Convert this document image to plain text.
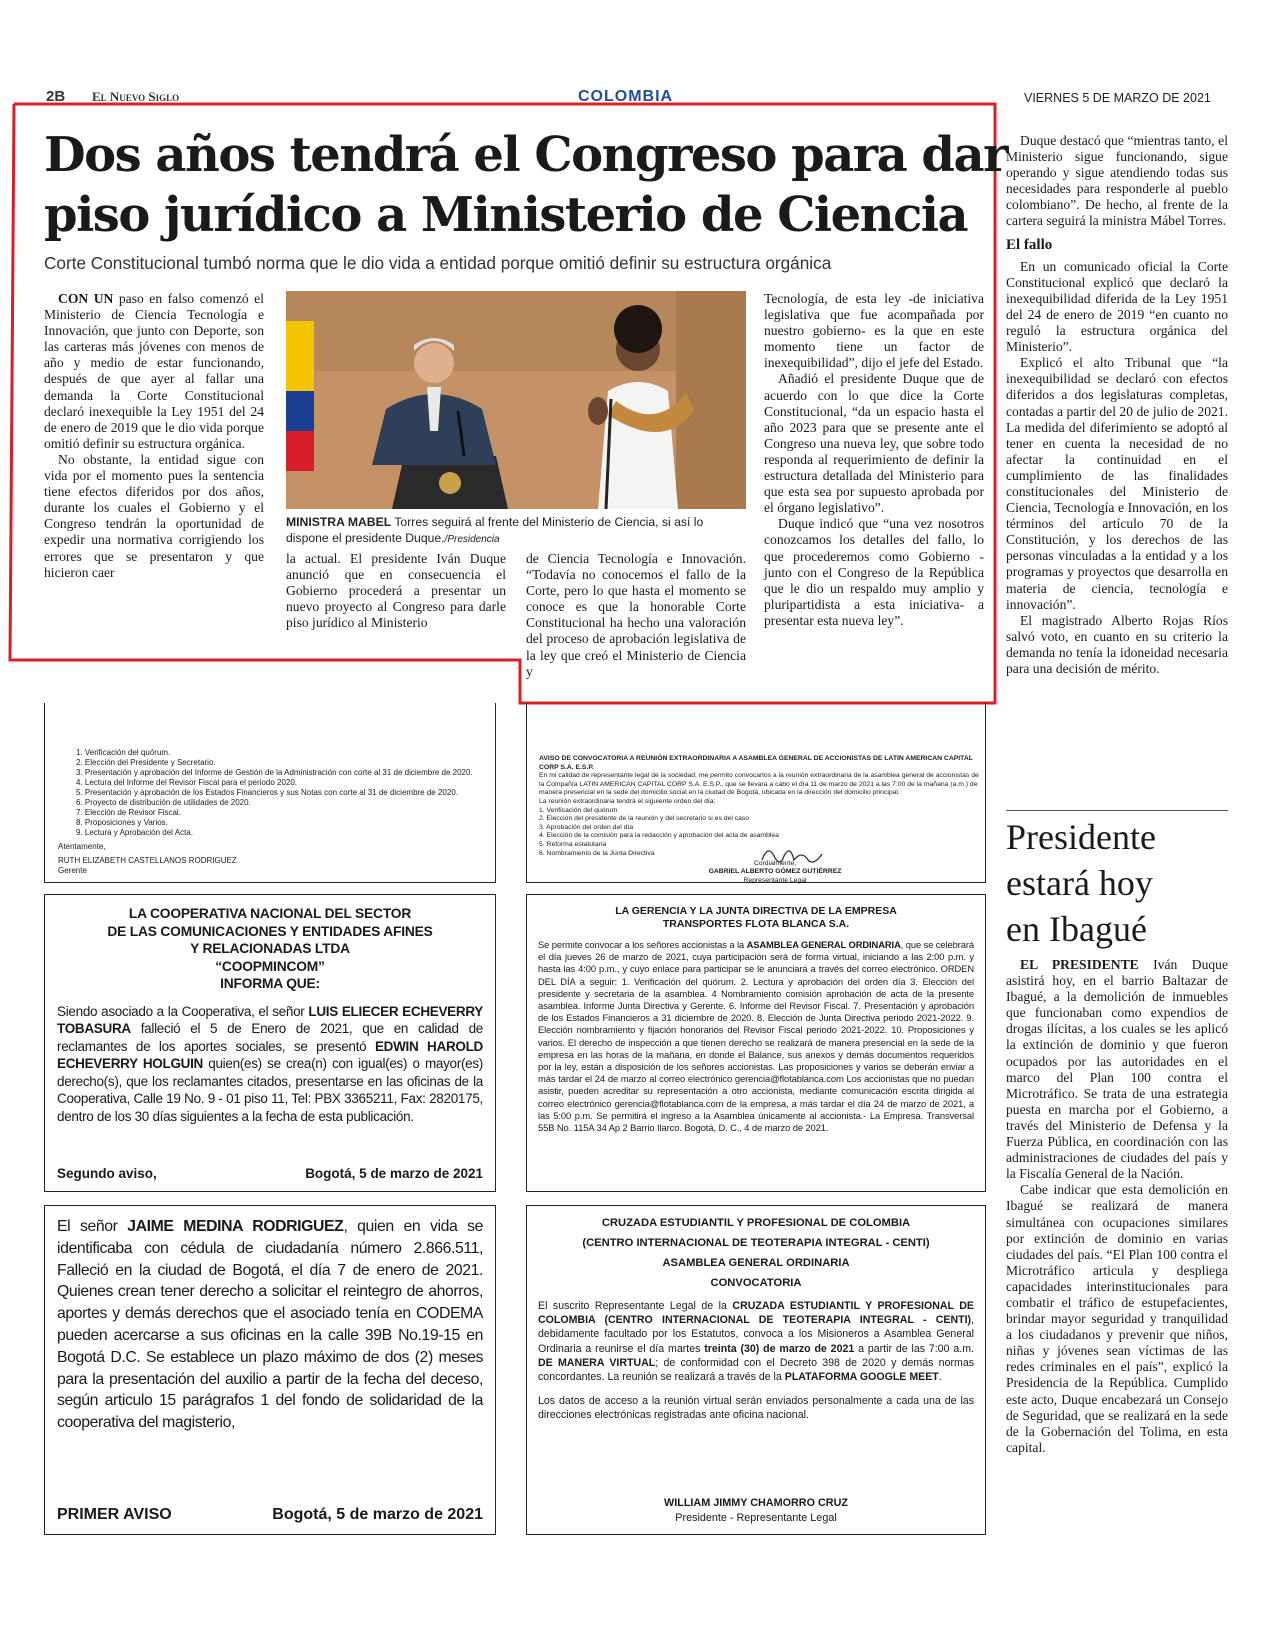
2B El Nuevo Siglo	COLOMBIA	VIERNES 5 DE MARZO DE 2021
Dos años tendrá el Congreso para dar
piso jurídico a Ministerio de Ciencia
Corte Constitucional tumbó norma que le dio vida a entidad porque omitió definir su estructura orgánica

CON UN paso en falso comenzó el Ministerio de Ciencia Tecnología e Innovación, que junto con Deporte, son las carteras más jóvenes con menos de año y medio de estar funcionando, después de que ayer al fallar una demanda la Corte Constitucional declaró inexequible la Ley 1951 del 24 de enero de 2019 que le dio vida porque omitió definir su estructura orgánica.

No obstante, la entidad sigue con vida por el momento pues la sentencia tiene efectos diferidos por dos años, durante los cuales el Gobierno y el Congreso tendrán la oportunidad de expedir una normativa corrigiendo los errores que se presentaron y que hicieron caer

MINISTRA MABEL Torres seguirá al frente del Ministerio de Ciencia, si así lo dispone el presidente Duque./Presidencia
la actual. El presidente Iván Duque anunció que en consecuencia el Gobierno procederá a presentar un nuevo proyecto al Congreso para darle piso jurídico al Ministerio
de Ciencia Tecnología e Innovación. “Todavía no conocemos el fallo de la Corte, pero lo que hasta el momento se conoce es que la honorable Corte Constitucional ha hecho una valoración del proceso de aprobación legislativa de la ley que creó el Ministerio de Ciencia y

Tecnología, de esta ley -de iniciativa legislativa que fue acompañada por nuestro gobierno- es la que en este momento tiene un factor de inexequibilidad”, dijo el jefe del Estado.

Añadió el presidente Duque que de acuerdo con lo que dice la Corte Constitucional, “da un espacio hasta el año 2023 para que se presente ante el Congreso una nueva ley, que sobre todo responda al requerimiento de definir la estructura detallada del Ministerio para que esta sea por supuesto aprobada por el órgano legislativo”.

Duque indicó que “una vez nosotros conozcamos los detalles del fallo, lo que procederemos como Gobierno -junto con el Congreso de la República que le dio un respaldo muy amplio y pluripartidista a esta iniciativa- a presentar esta nueva ley”.

Duque destacó que “mientras tanto, el Ministerio sigue funcionando, sigue operando y sigue atendiendo todas sus necesidades para responderle al pueblo colombiano”. De hecho, al frente de la cartera seguirá la ministra Mábel Torres.

El fallo

En un comunicado oficial la Corte Constitucional explicó que declaró la inexequibilidad diferida de la Ley 1951 del 24 de enero de 2019 “en cuanto no reguló la estructura orgánica del Ministerio”.

Explicó el alto Tribunal que “la inexequibilidad se declaró con efectos diferidos a dos legislaturas completas, contadas a partir del 20 de julio de 2021. La medida del diferimiento se adoptó al tener en cuenta la necesidad de no afectar la continuidad en el cumplimiento de las finalidades constitucionales del Ministerio de Ciencia, Tecnología e Innovación, en los términos del artículo 70 de la Constitución, y los derechos de las personas vinculadas a la entidad y a los programas y proyectos que desarrolla en materia de ciencia, tecnología e innovación”.

El magistrado Alberto Rojas Ríos salvó voto, en cuanto en su criterio la demanda no tenía la idoneidad necesaria para una decisión de mérito.

Presidente
estará hoy
en Ibagué

EL PRESIDENTE Iván Duque asistirá hoy, en el barrio Baltazar de Ibagué, a la demolición de inmuebles que funcionaban como expendios de drogas ilícitas, a los cuales se les aplicó la extinción de dominio y que fueron ocupados por las autoridades en el marco del Plan 100 contra el Microtráfico. Se trata de una estrategia puesta en marcha por el Gobierno, a través del Ministerio de Defensa y la Fuerza Pública, en coordinación con las administraciones de ciudades del país y la Fiscalía General de la Nación.

Cabe indicar que esta demolición en Ibagué se realizará de manera simultánea con ocupaciones similares por extinción de dominio en varias ciudades del país. “El Plan 100 contra el Microtráfico articula y despliega capacidades interinstitucionales para combatir el tráfico de estupefacientes, brindar mayor seguridad y tranquilidad a los ciudadanos y prevenir que niños, niñas y jóvenes sean víctimas de las redes criminales en el país”, explicó la Presidencia de la República. Cumplido este acto, Duque encabezará un Consejo de Seguridad, que se realizará en la sede de la Gobernación del Tolima, en esta capital.

1. Verificación del quórum.
2. Elección del Presidente y Secretario.
3. Presentación y aprobación del Informe de Gestión de la Administración con corte al 31 de diciembre de 2020.
4. Lectura del Informe del Revisor Fiscal para el periodo 2020.
5. Presentación y aprobación de los Estados Financieros y sus Notas con corte al 31 de diciembre de 2020.
6. Proyecto de distribución de utilidades de 2020.
7. Elección de Revisor Fiscal.
8. Proposiciones y Varios.
9. Lectura y Aprobación del Acta.
Atentamente,
RUTH ELIZABETH CASTELLANOS RODRIGUEZ
Gerente
AVISO DE CONVOCATORIA A REUNIÓN EXTRAORDINARIA A ASAMBLEA GENERAL DE ACCIONISTAS DE LATIN AMERICAN CAPITAL CORP S.A. E.S.P.
En mi calidad de representante legal de la sociedad, me permito convocarlos a la reunión extraordinaria de la asamblea general de accionistas de la Compañía LATIN AMERICAN CAPITAL CORP S.A. E.S.P., que se llevara a cabo el día 11 de marzo de 2021 a las 7:00 de la mañana (a.m.) de manera presencial en la sede del domicilio social en la ciudad de Bogotá, ubicada en la dirección del domicilio principal.
La reunión extraordinaria tendrá el siguiente orden del día:
1. Verificación del quórum
2. Elección del presidente de la reunión y del secretario si es del caso
3. Aprobación del orden del día
4. Elección de la comisión para la redacción y aprobación del acta de asamblea
5. Reforma estatutaria
6. Nombramiento de la Junta Directiva
Cordialmente,
GABRIEL ALBERTO GÓMEZ GUTIÉRREZ
Representante Legal
LA COOPERATIVA NACIONAL DEL SECTOR
DE LAS COMUNICACIONES Y ENTIDADES AFINES
Y RELACIONADAS LTDA
“COOPMINCOM”
INFORMA QUE:
Siendo asociado a la Cooperativa, el señor LUIS ELIECER ECHEVERRY TOBASURA falleció el 5 de Enero de 2021, que en calidad de reclamantes de los aportes sociales, se presentó EDWIN HAROLD ECHEVERRY HOLGUIN quien(es) se crea(n) con igual(es) o mayor(es) derecho(s), que los reclamantes citados, presentarse en las oficinas de la Cooperativa, Calle 19 No. 9 - 01 piso 11, Tel: PBX 3365211, Fax: 2820175, dentro de los 30 días siguientes a la fecha de esta publicación.
Segundo aviso,	Bogotá, 5 de marzo de 2021
LA GERENCIA Y LA JUNTA DIRECTIVA DE LA EMPRESA
TRANSPORTES FLOTA BLANCA S.A.
Se permite convocar a los señores accionistas a la ASAMBLEA GENERAL ORDINARIA, que se celebrará el día jueves 26 de marzo de 2021, cuya participación será de forma virtual, iniciando a las 2:00 p.m. y hasta las 4:00 p.m., y cuyo enlace para participar se le anunciará a través del correo electrónico. ORDEN DEL DÍA a seguir: 1. Verificación del quórum. 2. Lectura y aprobación del orden día 3. Elección del presidente y secretaria de la asamblea. 4 Nombramiento comisión aprobación de acta de la presente asamblea. Informe Junta Directiva y Gerente. 6. Informe del Revisor Fiscal. 7. Presentación y aprobación de los Estados Financieros a 31 diciembre de 2020. 8. Elección de Junta Directiva periodo 2021-2022. 9. Elección nombramiento y fijación honorarios del Revisor Fiscal periodo 2021-2022. 10. Proposiciones y varios. El derecho de inspección a que tienen derecho se realizará de manera presencial en la sede de la empresa en las horas de la mañana, en donde el Balance, sus anexos y demás documentos requeridos por la ley, están a disposición de los señores accionistas. Las proposiciones y varios se deberán enviar a más tardar el 24 de marzo al correo electrónico gerencia@flotablanca.com Los accionistas que no puedan asistir, pueden acreditar su representación a otro accionista, mediante comunicación escrita dirigida al correo electrónico gerencia@flotablanca.com de la empresa, a más tardar el día 24 de marzo de 2021, a las 5:00 p.m. Se permitirá el ingreso a la Asamblea únicamente al accionista.- La Empresa. Transversal 55B No. 115A 34 Ap 2 Barrio Ilarco. Bogotá, D. C., 4 de marzo de 2021.
El señor JAIME MEDINA RODRIGUEZ, quien en vida se identificaba con cédula de ciudadanía número 2.866.511, Falleció en la ciudad de Bogotá, el día 7 de enero de 2021. Quienes crean tener derecho a solicitar el reintegro de ahorros, aportes y demás derechos que el asociado tenía en CODEMA pueden acercarse a sus oficinas en la calle 39B No.19-15 en Bogotá D.C. Se establece un plazo máximo de dos (2) meses para la presentación del auxilio a partir de la fecha del deceso, según articulo 15 parágrafos 1 del fondo de solidaridad de la cooperativa del magisterio,
PRIMER AVISO	Bogotá, 5 de marzo de 2021
CRUZADA ESTUDIANTIL Y PROFESIONAL DE COLOMBIA
(CENTRO INTERNACIONAL DE TEOTERAPIA INTEGRAL - CENTI)
ASAMBLEA GENERAL ORDINARIA
CONVOCATORIA
El suscrito Representante Legal de la CRUZADA ESTUDIANTIL Y PROFESIONAL DE COLOMBIA (CENTRO INTERNACIONAL DE TEOTERAPIA INTEGRAL - CENTI), debidamente facultado por los Estatutos, convoca a los Misioneros a Asamblea General Ordinaria a reunirse el día martes treinta (30) de marzo de 2021 a partir de las 7:00 a.m. DE MANERA VIRTUAL; de conformidad con el Decreto 398 de 2020 y demás normas concordantes. La reunión se realizará a través de la PLATAFORMA GOOGLE MEET.
Los datos de acceso a la reunión virtual serán enviados personalmente a cada una de las direcciones electrónicas registradas ante oficina nacional.
WILLIAM JIMMY CHAMORRO CRUZ
Presidente - Representante Legal
